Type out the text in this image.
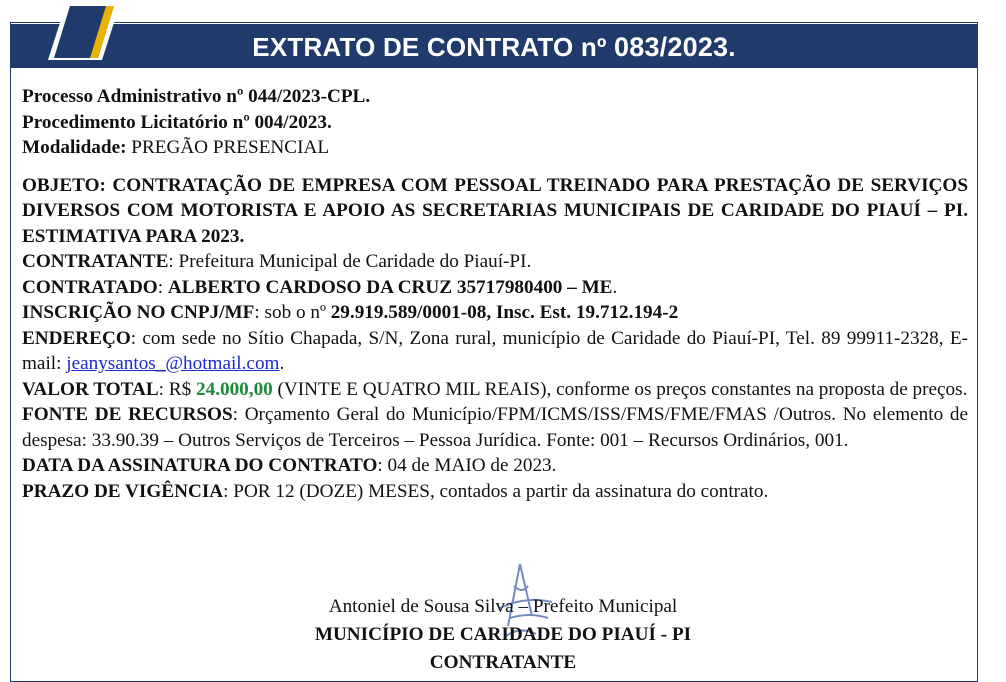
EXTRATO DE CONTRATO nº 083/2023.

Processo Administrativo nº 044/2023-CPL.

Procedimento Licitatório nº 004/2023.

Modalidade: PREGÃO PRESENCIAL

OBJETO: CONTRATAÇÃO DE EMPRESA COM PESSOAL TREINADO PARA PRESTAÇÃO DE SERVIÇOS DIVERSOS COM MOTORISTA E APOIO AS SECRETARIAS MUNICIPAIS DE CARIDADE DO PIAUÍ – PI. ESTIMATIVA PARA 2023.

CONTRATANTE: Prefeitura Municipal de Caridade do Piauí-PI.

CONTRATADO: ALBERTO CARDOSO DA CRUZ 35717980400 – ME.

INSCRIÇÃO NO CNPJ/MF: sob o nº 29.919.589/0001-08, Insc. Est. 19.712.194-2

ENDEREÇO: com sede no Sítio Chapada, S/N, Zona rural, município de Caridade do Piauí-PI, Tel. 89 99911-2328, E-mail: jeanysantos_@hotmail.com.

VALOR TOTAL: R$ 24.000,00 (VINTE E QUATRO MIL REAIS), conforme os preços constantes na proposta de preços.

FONTE DE RECURSOS: Orçamento Geral do Município/FPM/ICMS/ISS/FMS/FME/FMAS /Outros. No elemento de despesa: 33.90.39 – Outros Serviços de Terceiros – Pessoa Jurídica. Fonte: 001 – Recursos Ordinários, 001.

DATA DA ASSINATURA DO CONTRATO: 04 de MAIO de 2023.

PRAZO DE VIGÊNCIA: POR 12 (DOZE) MESES, contados a partir da assinatura do contrato.

Antoniel de Sousa Silva – Prefeito Municipal
MUNICÍPIO DE CARIDADE DO PIAUÍ - PI
CONTRATANTE
